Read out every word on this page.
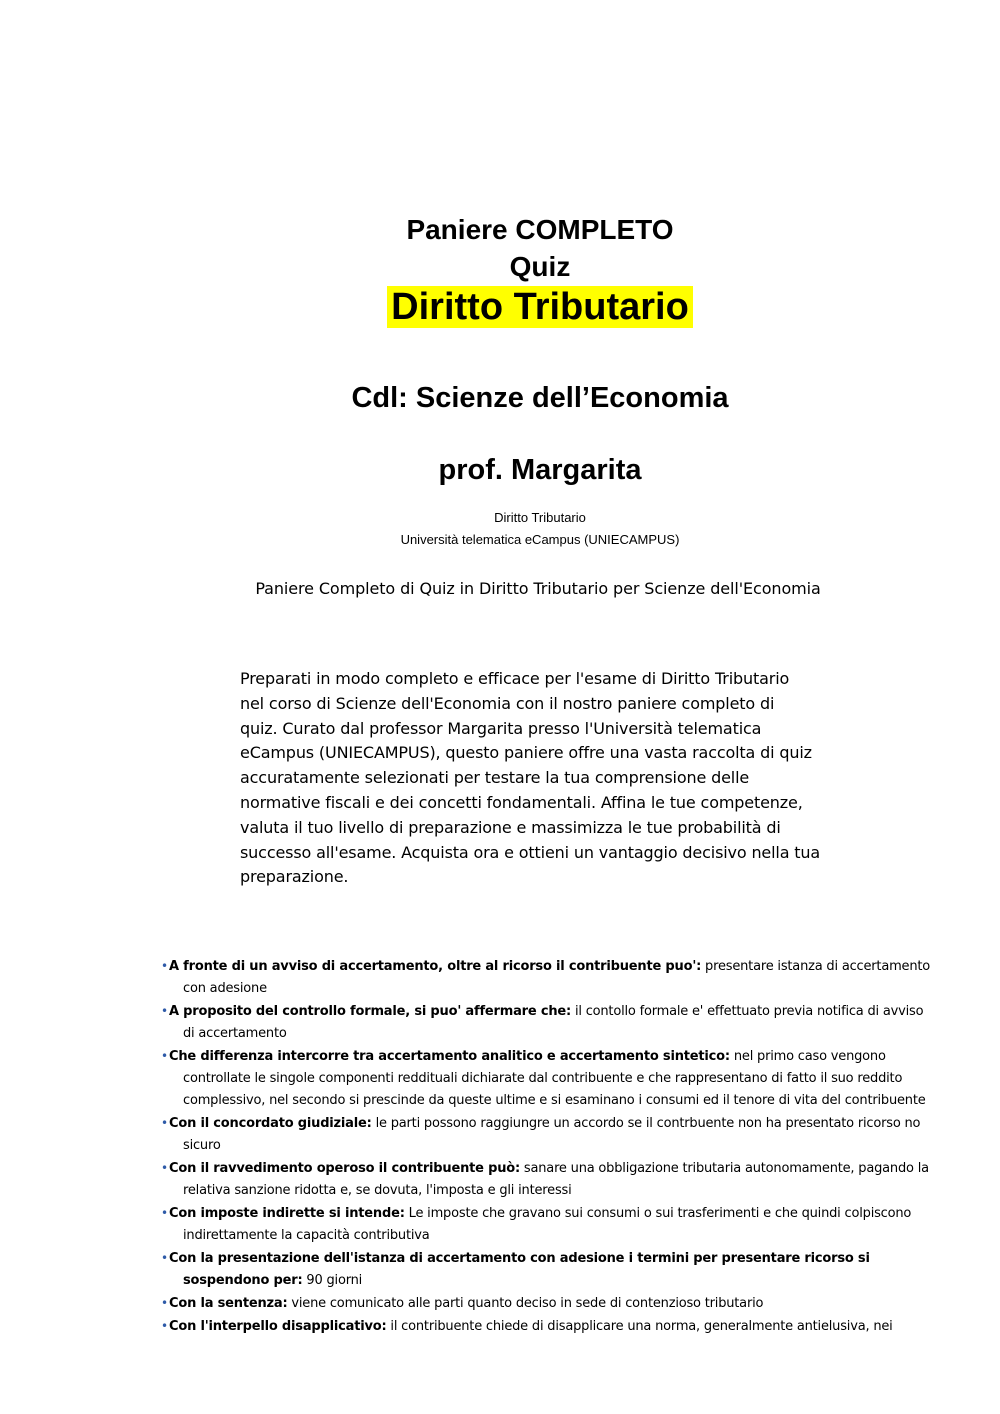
Paniere COMPLETO
Quiz
Diritto Tributario
Cdl: Scienze dell’Economia
prof. Margarita
Diritto Tributario
Università telematica eCampus (UNIECAMPUS)
Paniere Completo di Quiz in Diritto Tributario per Scienze dell'Economia
Preparati in modo completo e efficace per l'esame di Diritto Tributario
nel corso di Scienze dell'Economia con il nostro paniere completo di
quiz. Curato dal professor Margarita presso l'Università telematica
eCampus (UNIECAMPUS), questo paniere offre una vasta raccolta di quiz
accuratamente selezionati per testare la tua comprensione delle
normative fiscali e dei concetti fondamentali. Affina le tue competenze,
valuta il tuo livello di preparazione e massimizza le tue probabilità di
successo all'esame. Acquista ora e ottieni un vantaggio decisivo nella tua
preparazione.
•A fronte di un avviso di accertamento, oltre al ricorso il contribuente puo': presentare istanza di accertamento con adesione
•A proposito del controllo formale, si puo' affermare che: il contollo formale e' effettuato previa notifica di avviso di accertamento
•Che differenza intercorre tra accertamento analitico e accertamento sintetico: nel primo caso vengono controllate le singole componenti reddituali dichiarate dal contribuente e che rappresentano di fatto il suo reddito complessivo, nel secondo si prescinde da queste ultime e si esaminano i consumi ed il tenore di vita del contribuente
•Con il concordato giudiziale: le parti possono raggiungre un accordo se il contrbuente non ha presentato ricorso no sicuro
•Con il ravvedimento operoso il contribuente può: sanare una obbligazione tributaria autonomamente, pagando la relativa sanzione ridotta e, se dovuta, l'imposta e gli interessi
•Con imposte indirette si intende: Le imposte che gravano sui consumi o sui trasferimenti e che quindi colpiscono indirettamente la capacità contributiva
•Con la presentazione dell'istanza di accertamento con adesione i termini per presentare ricorso si sospendono per: 90 giorni
•Con la sentenza: viene comunicato alle parti quanto deciso in sede di contenzioso tributario
•Con l'interpello disapplicativo: il contribuente chiede di disapplicare una norma, generalmente antielusiva, nei
